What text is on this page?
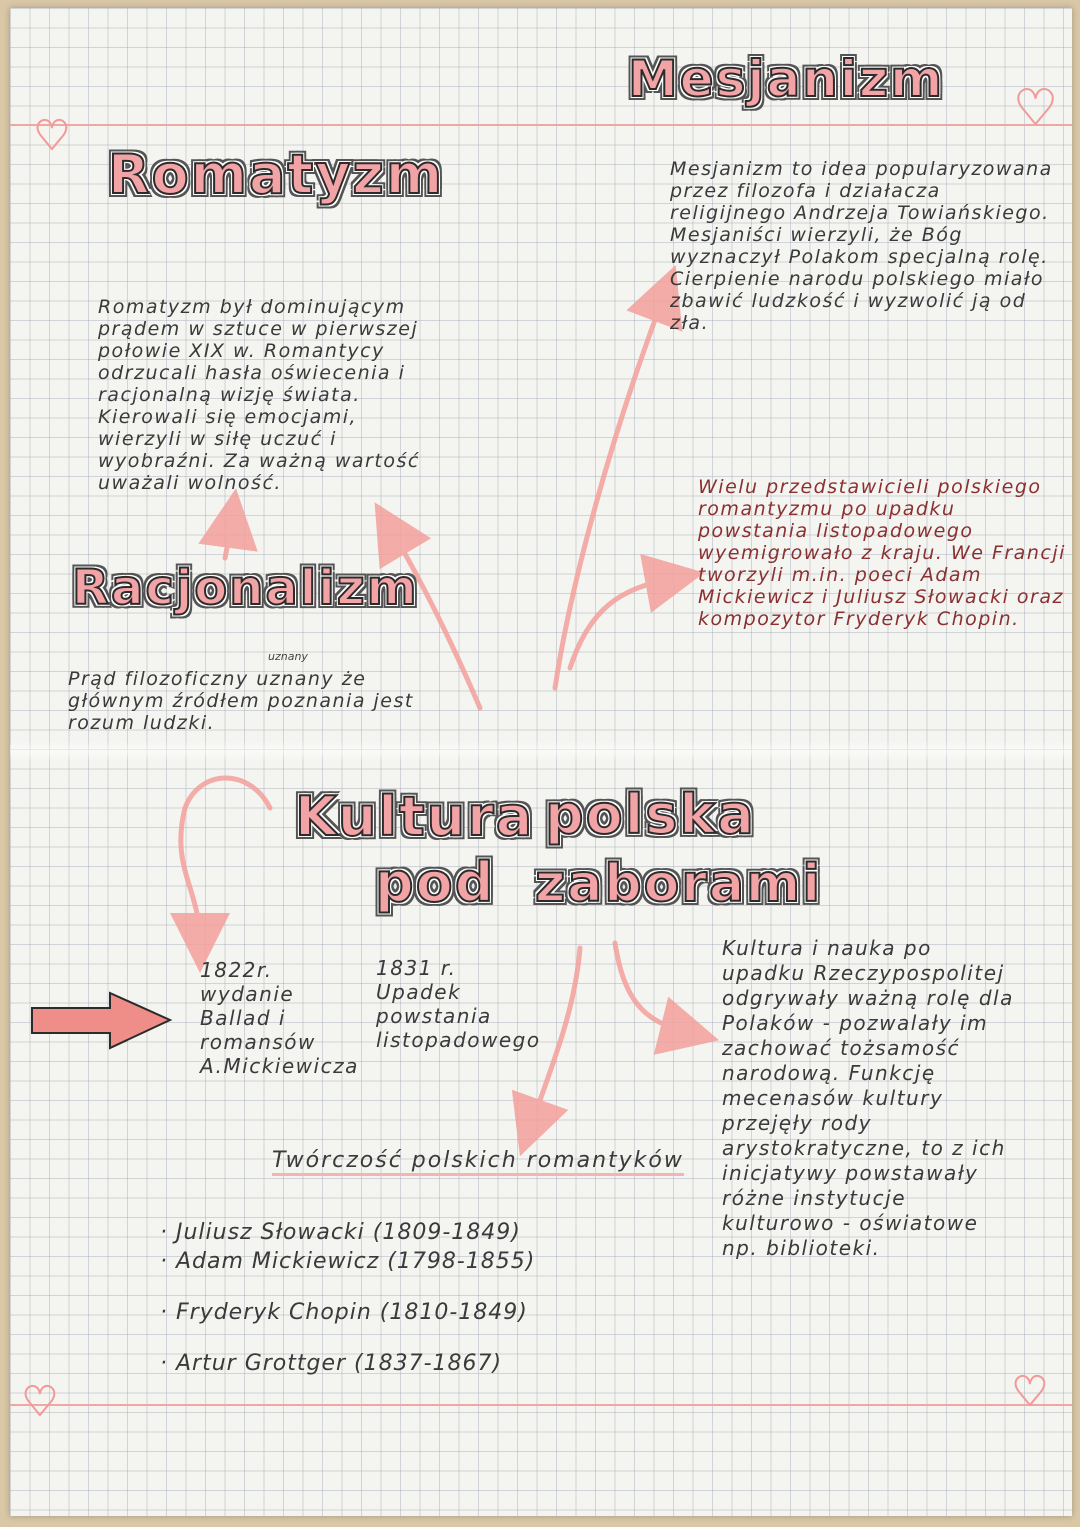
♥	♥
♥	♥
Romatyzm
Mesjanizm
Racjonalizm
Kultura polska
pod zaborami

Romatyzm był dominującym prądem w sztuce w pierwszej połowie XIX w. Romantycy odrzucali hasła oświecenia i racjonalną wizję świata. Kierowali się emocjami, wierzyli w siłę uczuć i wyobraźni. Za ważną wartość uważali wolność.

Mesjanizm to idea popularyzowana przez filozofa i działacza religijnego Andrzeja Towiańskiego. Mesjaniści wierzyli, że Bóg wyznaczył Polakom specjalną rolę. Cierpienie narodu polskiego miało zbawić ludzkość i wyzwolić ją od zła.

Wielu przedstawicieli polskiego romantyzmu po upadku powstania listopadowego wyemigrowało z kraju. We Francji tworzyli m.in. poeci Adam Mickiewicz i Juliusz Słowacki oraz kompozytor Fryderyk Chopin.

uznany

Prąd filozoficzny uznany że głównym źródłem poznania jest rozum ludzki.

Kultura i nauka po upadku Rzeczypospolitej odgrywały ważną rolę dla Polaków - pozwalały im zachować tożsamość narodową. Funkcję mecenasów kultury przejęły rody arystokratyczne, to z ich inicjatywy powstawały różne instytucje kulturowo - oświatowe np. biblioteki.

1822r.
wydanie
Ballad i
romansów
A.Mickiewicza

1831 r.
Upadek
powstania
listopadowego

Twórczość polskich romantyków
· Juliusz Słowacki (1809-1849)
· Adam Mickiewicz (1798-1855)
· Fryderyk Chopin (1810-1849)
· Artur Grottger (1837-1867)
